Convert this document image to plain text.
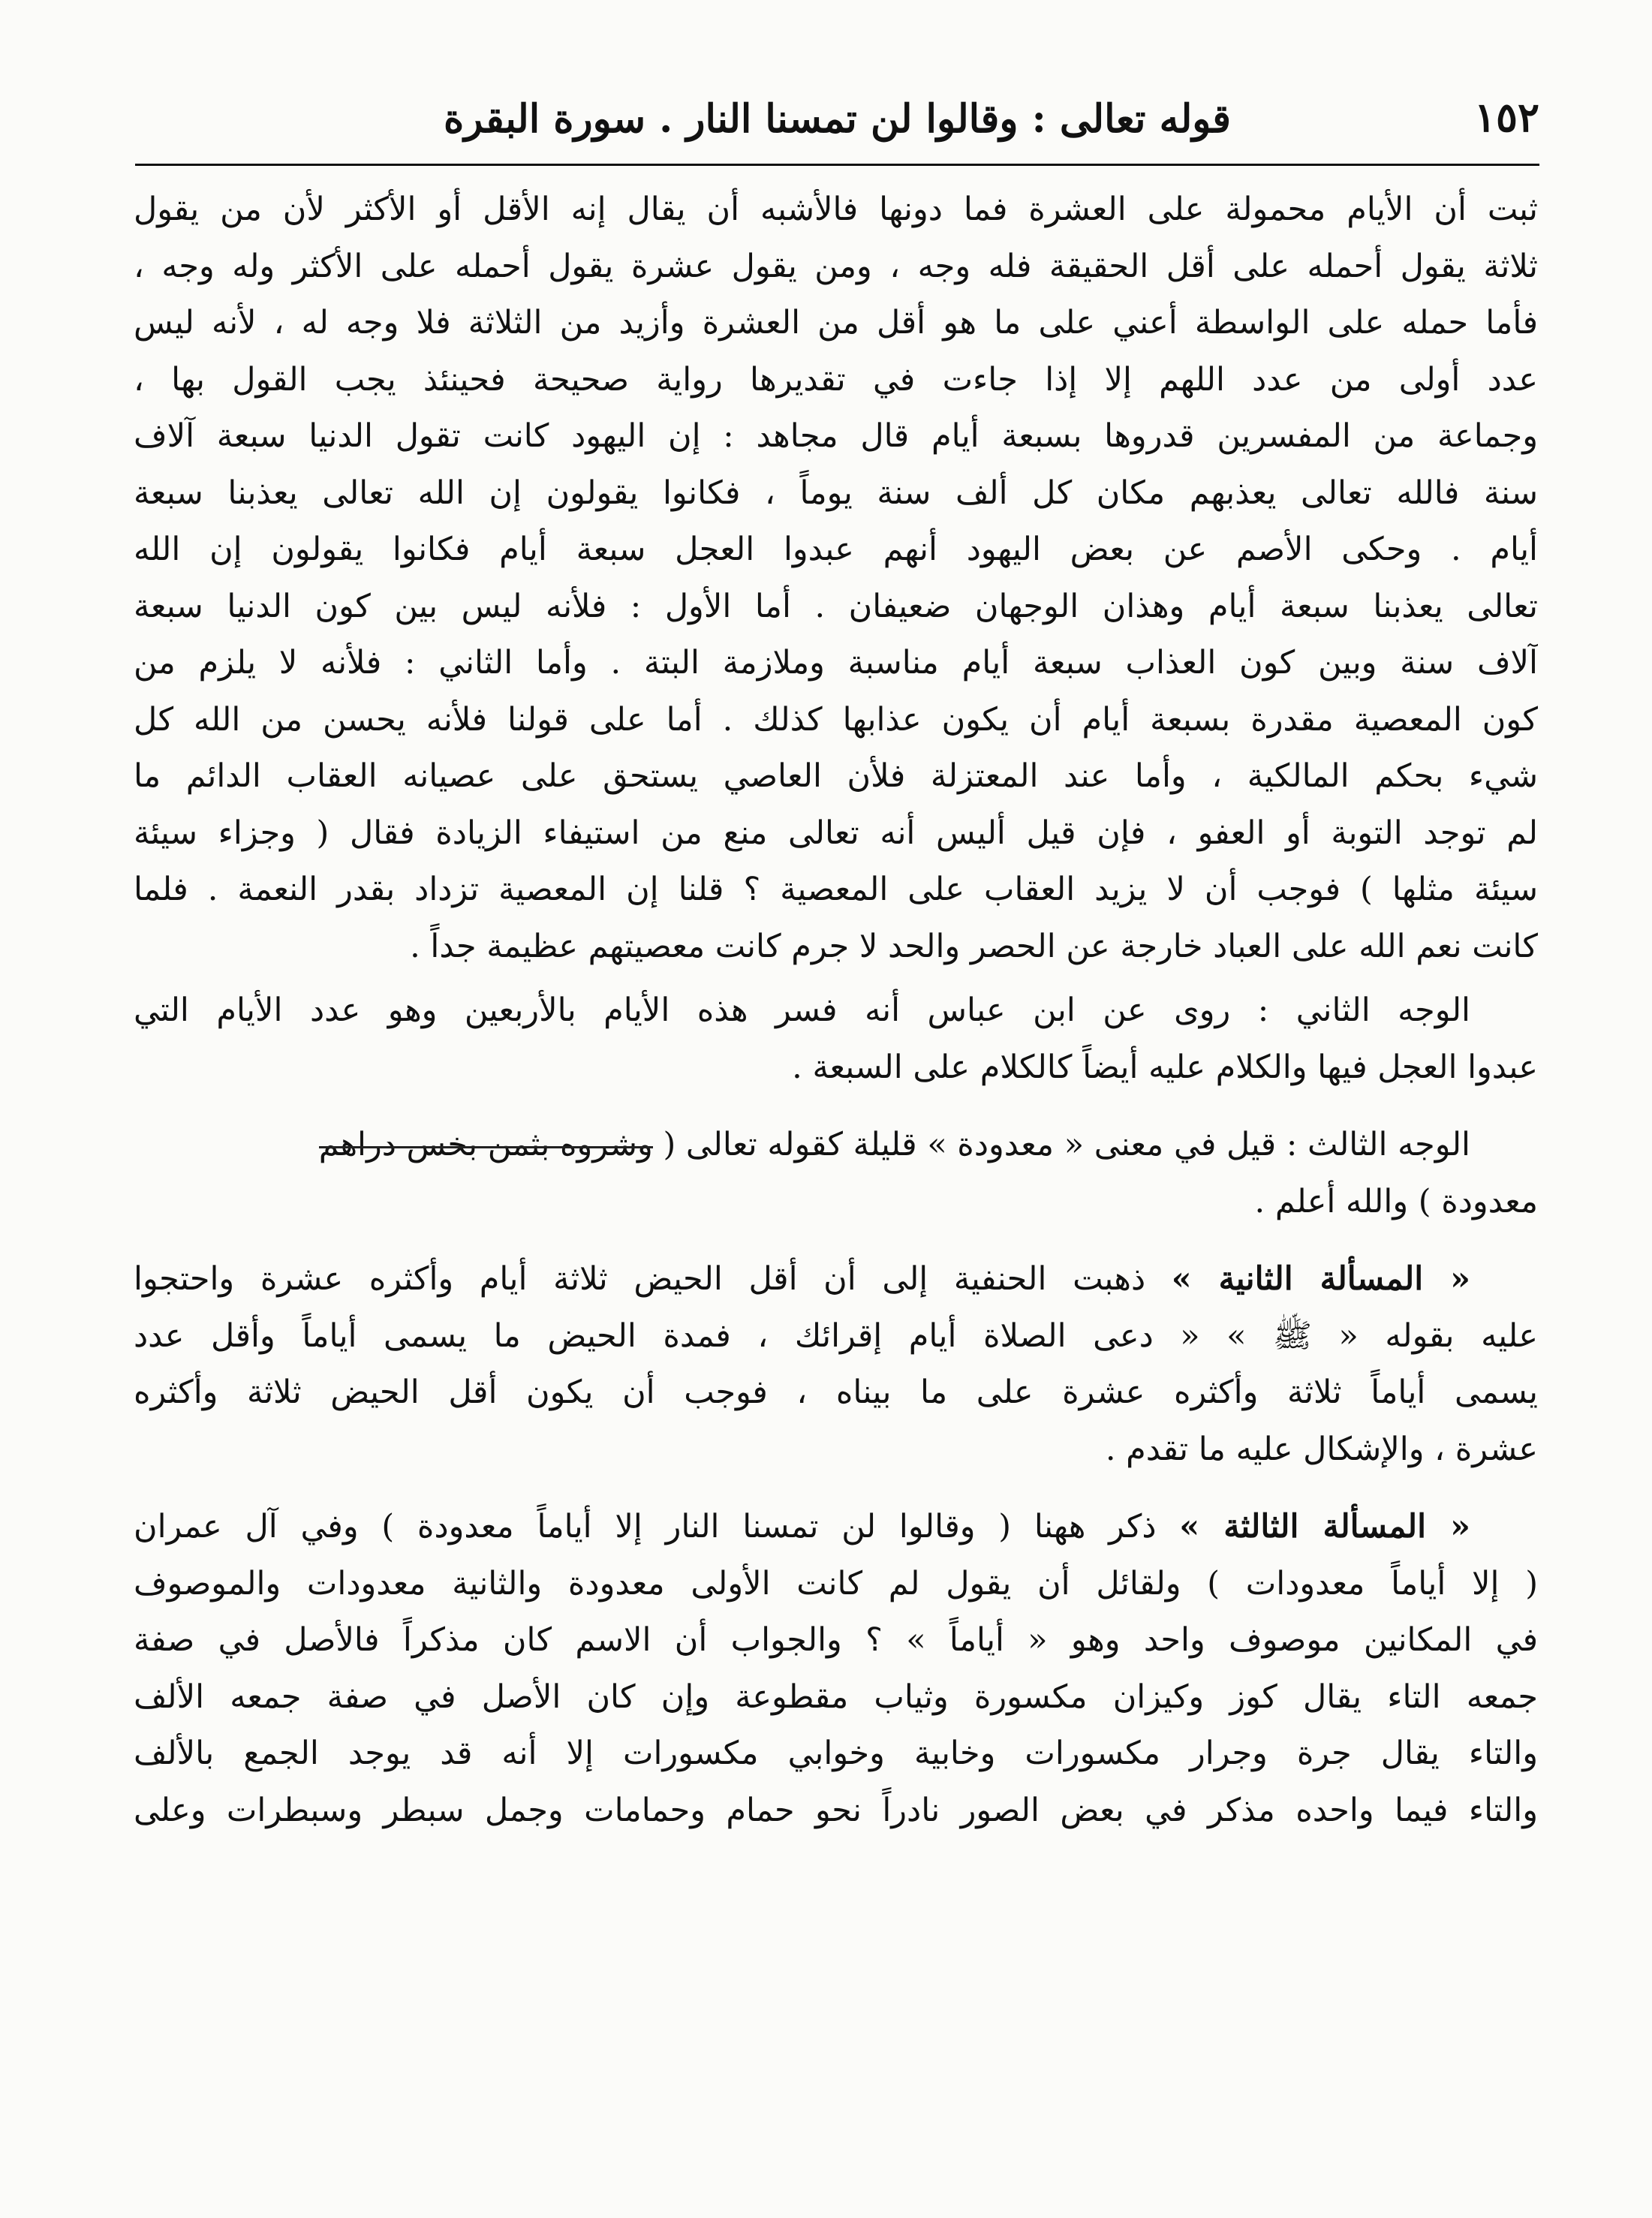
١٥٢
قوله تعالى : وقالوا لن تمسنا النار . سورة البقرة
ثبت أن الأيام محمولة على العشرة فما دونها فالأشبه أن يقال إنه الأقل أو الأكثر لأن من يقول
ثلاثة يقول أحمله على أقل الحقيقة فله وجه ، ومن يقول عشرة يقول أحمله على الأكثر وله وجه ،
فأما حمله على الواسطة أعني على ما هو أقل من العشرة وأزيد من الثلاثة فلا وجه له ، لأنه ليس
عدد أولى من عدد اللهم إلا إذا جاءت في تقديرها رواية صحيحة فحينئذ يجب القول بها ،
وجماعة من المفسرين قدروها بسبعة أيام قال مجاهد : إن اليهود كانت تقول الدنيا سبعة آلاف
سنة فالله تعالى يعذبهم مكان كل ألف سنة يوماً ، فكانوا يقولون إن الله تعالى يعذبنا سبعة
أيام . وحكى الأصم عن بعض اليهود أنهم عبدوا العجل سبعة أيام فكانوا يقولون إن الله
تعالى يعذبنا سبعة أيام وهذان الوجهان ضعيفان . أما الأول : فلأنه ليس بين كون الدنيا سبعة
آلاف سنة وبين كون العذاب سبعة أيام مناسبة وملازمة البتة . وأما الثاني : فلأنه لا يلزم من
كون المعصية مقدرة بسبعة أيام أن يكون عذابها كذلك . أما على قولنا فلأنه يحسن من الله كل
شيء بحكم المالكية ، وأما عند المعتزلة فلأن العاصي يستحق على عصيانه العقاب الدائم ما
لم توجد التوبة أو العفو ، فإن قيل أليس أنه تعالى منع من استيفاء الزيادة فقال ( وجزاء سيئة
سيئة مثلها ) فوجب أن لا يزيد العقاب على المعصية ؟ قلنا إن المعصية تزداد بقدر النعمة . فلما
كانت نعم الله على العباد خارجة عن الحصر والحد لا جرم كانت معصيتهم عظيمة جداً .
الوجه الثاني : روى عن ابن عباس أنه فسر هذه الأيام بالأربعين وهو عدد الأيام التي
عبدوا العجل فيها والكلام عليه أيضاً كالكلام على السبعة .
الوجه الثالث : قيل في معنى « معدودة » قليلة كقوله تعالى ( وشروه بثمن بخس دراهم
معدودة ) والله أعلم .
« المسألة الثانية » ذهبت الحنفية إلى أن أقل الحيض ثلاثة أيام وأكثره عشرة واحتجوا
عليه بقوله « ﷺ » « دعى الصلاة أيام إقرائك ، فمدة الحيض ما يسمى أياماً وأقل عدد
يسمى أياماً ثلاثة وأكثره عشرة على ما بيناه ، فوجب أن يكون أقل الحيض ثلاثة وأكثره
عشرة ، والإشكال عليه ما تقدم .
« المسألة الثالثة » ذكر ههنا ( وقالوا لن تمسنا النار إلا أياماً معدودة ) وفي آل عمران
( إلا أياماً معدودات ) ولقائل أن يقول لم كانت الأولى معدودة والثانية معدودات والموصوف
في المكانين موصوف واحد وهو « أياماً » ؟ والجواب أن الاسم كان مذكراً فالأصل في صفة
جمعه التاء يقال كوز وكيزان مكسورة وثياب مقطوعة وإن كان الأصل في صفة جمعه الألف
والتاء يقال جرة وجرار مكسورات وخابية وخوابي مكسورات إلا أنه قد يوجد الجمع بالألف
والتاء فيما واحده مذكر في بعض الصور نادراً نحو حمام وحمامات وجمل سبطر وسبطرات وعلى
